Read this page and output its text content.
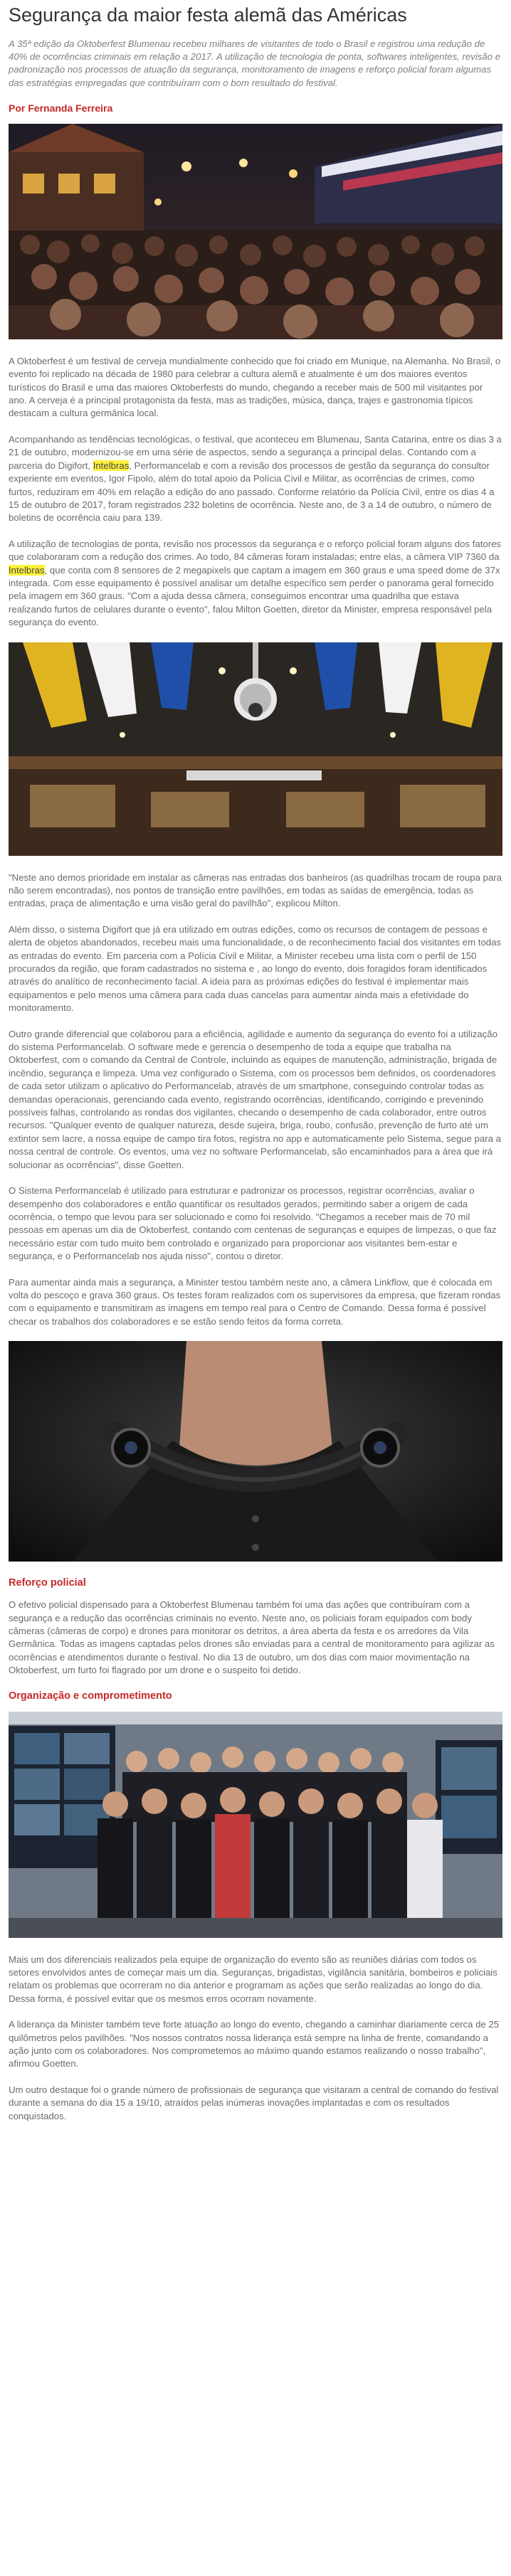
Segurança da maior festa alemã das Américas

A 35ª edição da Oktoberfest Blumenau recebeu milhares de visitantes de todo o Brasil e registrou uma redução de 40% de ocorrências criminais em relação a 2017. A utilização de tecnologia de ponta, softwares inteligentes, revisão e padronização nos processos de atuação da segurança, monitoramento de imagens e reforço policial foram algumas das estratégias empregadas que contribuíram com o bom resultado do festival.

Por Fernanda Ferreira

A Oktoberfest é um festival de cerveja mundialmente conhecido que foi criado em Munique, na Alemanha. No Brasil, o evento foi replicado na década de 1980 para celebrar a cultura alemã e atualmente é um dos maiores eventos turísticos do Brasil e uma das maiores Oktoberfests do mundo, chegando a receber mais de 500 mil visitantes por ano. A cerveja é a principal protagonista da festa, mas as tradições, música, dança, trajes e gastronomia típicos destacam a cultura germânica local.

Acompanhando as tendências tecnológicas, o festival, que aconteceu em Blumenau, Santa Catarina, entre os dias 3 a 21 de outubro, modernizou-se em uma série de aspectos, sendo a segurança a principal delas. Contando com a parceria do Digifort, Intelbras, Performancelab e com a revisão dos processos de gestão da segurança do consultor experiente em eventos, Igor Fipolo, além do total apoio da Polícia Civil e Militar, as ocorrências de crimes, como furtos, reduziram em 40% em relação a edição do ano passado. Conforme relatório da Polícia Civil, entre os dias 4 a 15 de outubro de 2017, foram registrados 232 boletins de ocorrência. Neste ano, de 3 a 14 de outubro, o número de boletins de ocorrência caiu para 139.

A utilização de tecnologias de ponta, revisão nos processos da segurança e o reforço policial foram alguns dos fatores que colaboraram com a redução dos crimes. Ao todo, 84 câmeras foram instaladas; entre elas, a câmera VIP 7360 da Intelbras, que conta com 8 sensores de 2 megapixels que captam a imagem em 360 graus e uma speed dome de 37x integrada. Com esse equipamento é possível analisar um detalhe específico sem perder o panorama geral fornecido pela imagem em 360 graus. "Com a ajuda dessa câmera, conseguimos encontrar uma quadrilha que estava realizando furtos de celulares durante o evento", falou Milton Goetten, diretor da Minister, empresa responsável pela segurança do evento.

"Neste ano demos prioridade em instalar as câmeras nas entradas dos banheiros (as quadrilhas trocam de roupa para não serem encontradas), nos pontos de transição entre pavilhões, em todas as saídas de emergência, todas as entradas, praça de alimentação e uma visão geral do pavilhão", explicou Milton.

Além disso, o sistema Digifort que já era utilizado em outras edições, como os recursos de contagem de pessoas e alerta de objetos abandonados, recebeu mais uma funcionalidade, o de reconhecimento facial dos visitantes em todas as entradas do evento. Em parceria com a Polícia Civil e Militar, a Minister recebeu uma lista com o perfil de 150 procurados da região, que foram cadastrados no sistema e , ao longo do evento, dois foragidos foram identificados através do analítico de reconhecimento facial. A ideia para as próximas edições do festival é implementar mais equipamentos e pelo menos uma câmera para cada duas cancelas para aumentar ainda mais a efetividade do monitoramento.

Outro grande diferencial que colaborou para a eficiência, agilidade e aumento da segurança do evento foi a utilização do sistema Performancelab. O software mede e gerencia o desempenho de toda a equipe que trabalha na Oktoberfest, com o comando da Central de Controle, incluindo as equipes de manutenção, administração, brigada de incêndio, segurança e limpeza. Uma vez configurado o Sistema, com os processos bem definidos, os coordenadores de cada setor utilizam o aplicativo do Performancelab, através de um smartphone, conseguindo controlar todas as demandas operacionais, gerenciando cada evento, registrando ocorrências, identificando, corrigindo e prevenindo possíveis falhas, controlando as rondas dos vigilantes, checando o desempenho de cada colaborador, entre outros recursos. "Qualquer evento de qualquer natureza, desde sujeira, briga, roubo, confusão, prevenção de furto até um extintor sem lacre, a nossa equipe de campo tira fotos, registra no app e automaticamente pelo Sistema, segue para a nossa central de controle. Os eventos, uma vez no software Performancelab, são encaminhados para a área que irá solucionar as ocorrências", disse Goetten.

O Sistema Performancelab é utilizado para estruturar e padronizar os processos, registrar ocorrências, avaliar o desempenho dos colaboradores e então quantificar os resultados gerados, permitindo saber a origem de cada ocorrência, o tempo que levou para ser solucionado e como foi resolvido. "Chegamos a receber mais de 70 mil pessoas em apenas um dia de Oktoberfest, contando com centenas de seguranças e equipes de limpezas, o que faz necessário estar com tudo muito bem controlado e organizado para proporcionar aos visitantes bem-estar e segurança, e o Performancelab nos ajuda nisso", contou o diretor.

Para aumentar ainda mais a segurança, a Minister testou também neste ano, a câmera Linkflow, que é colocada em volta do pescoço e grava 360 graus. Os testes foram realizados com os supervisores da empresa, que fizeram rondas com o equipamento e transmitiram as imagens em tempo real para o Centro de Comando. Dessa forma é possível checar os trabalhos dos colaboradores e se estão sendo feitos da forma correta.

Reforço policial

O efetivo policial dispensado para a Oktoberfest Blumenau também foi uma das ações que contribuíram com a segurança e a redução das ocorrências criminais no evento. Neste ano, os policiais foram equipados com body câmeras (câmeras de corpo) e drones para monitorar os detritos, a área aberta da festa e os arredores da Vila Germânica. Todas as imagens captadas pelos drones são enviadas para a central de monitoramento para agilizar as ocorrências e atendimentos durante o festival. No dia 13 de outubro, um dos dias com maior movimentação na Oktoberfest, um furto foi flagrado por um drone e o suspeito foi detido.

Organização e comprometimento

Mais um dos diferenciais realizados pela equipe de organização do evento são as reuniões diárias com todos os setores envolvidos antes de começar mais um dia. Seguranças, brigadistas, vigilância sanitária, bombeiros e policiais relatam os problemas que ocorreram no dia anterior e programam as ações que serão realizadas ao longo do dia. Dessa forma, é possível evitar que os mesmos erros ocorram novamente.

A liderança da Minister também teve forte atuação ao longo do evento, chegando a caminhar diariamente cerca de 25 quilômetros pelos pavilhões. "Nos nossos contratos nossa liderança está sempre na linha de frente, comandando a ação junto com os colaboradores. Nos comprometemos ao máximo quando estamos realizando o nosso trabalho", afirmou Goetten.

Um outro destaque foi o grande número de profissionais de segurança que visitaram a central de comando do festival durante a semana do dia 15 a 19/10, atraídos pelas inúmeras inovações implantadas e com os resultados conquistados.
